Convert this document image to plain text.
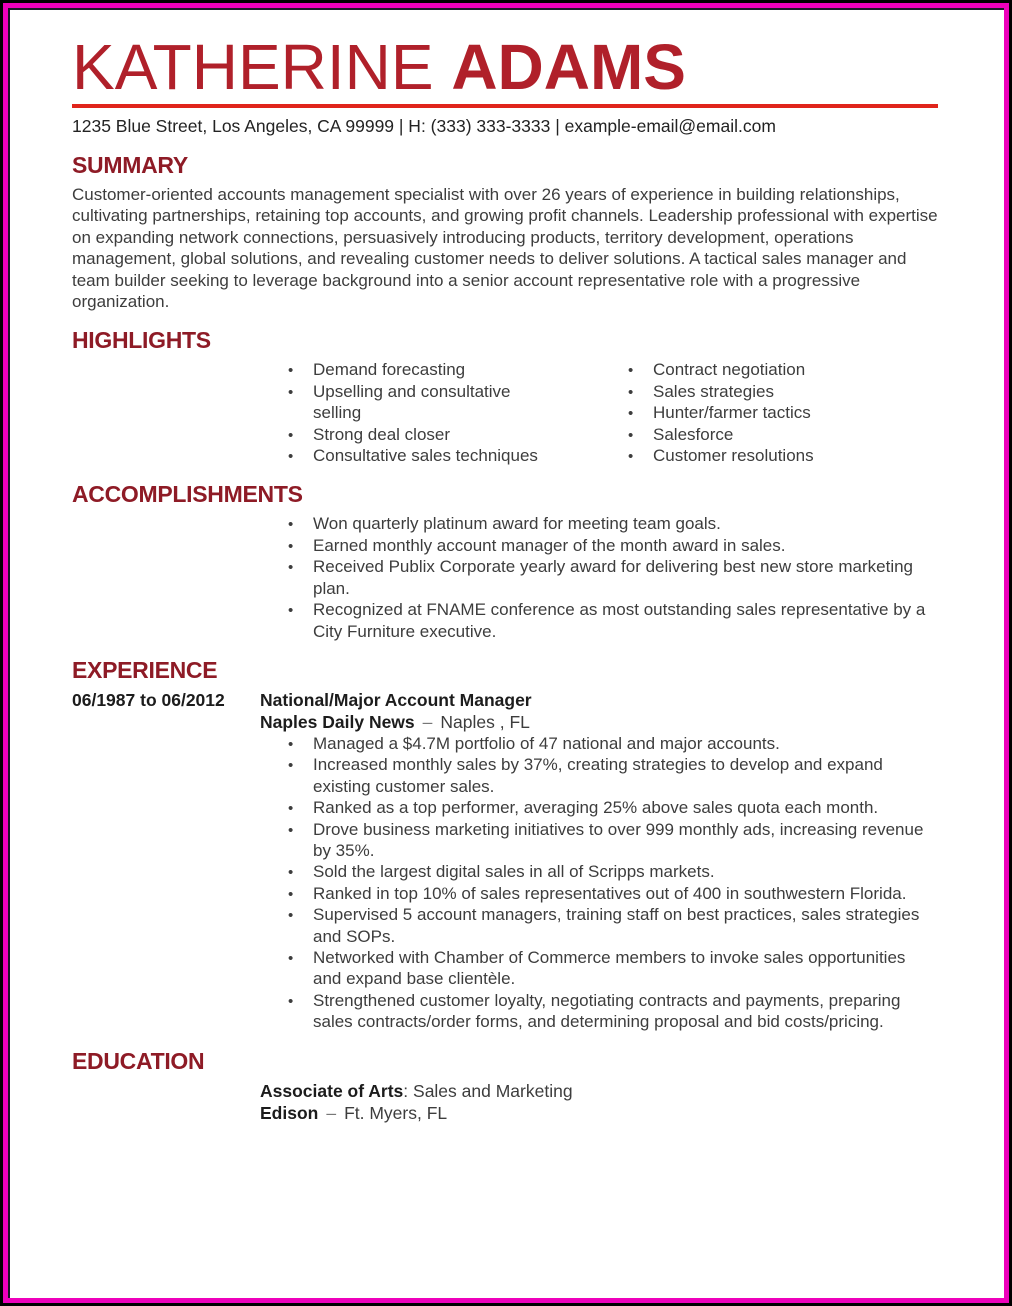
KATHERINE ADAMS
1235 Blue Street, Los Angeles, CA 99999 | H: (333) 333-3333 | example-email@email.com
SUMMARY

Customer-oriented accounts management specialist with over 26 years of experience in building relationships, cultivating partnerships, retaining top accounts, and growing profit channels. Leadership professional with expertise on expanding network connections, persuasively introducing products, territory development, operations management, global solutions, and revealing customer needs to deliver solutions. A tactical sales manager and team builder seeking to leverage background into a senior account representative role with a progressive organization.

HIGHLIGHTS
• Demand forecasting
• Upselling and consultative selling
• Strong deal closer
• Consultative sales techniques
• Contract negotiation
• Sales strategies
• Hunter/farmer tactics
• Salesforce
• Customer resolutions
ACCOMPLISHMENTS
• Won quarterly platinum award for meeting team goals.
• Earned monthly account manager of the month award in sales.
• Received Publix Corporate yearly award for delivering best new store marketing plan.
• Recognized at FNAME conference as most outstanding sales representative by a City Furniture executive.
EXPERIENCE
06/1987 to 06/2012	National/Major Account Manager
Naples Daily News – Naples , FL
• Managed a $4.7M portfolio of 47 national and major accounts.
• Increased monthly sales by 37%, creating strategies to develop and expand existing customer sales.
• Ranked as a top performer, averaging 25% above sales quota each month.
• Drove business marketing initiatives to over 999 monthly ads, increasing revenue by 35%.
• Sold the largest digital sales in all of Scripps markets.
• Ranked in top 10% of sales representatives out of 400 in southwestern Florida.
• Supervised 5 account managers, training staff on best practices, sales strategies and SOPs.
• Networked with Chamber of Commerce members to invoke sales opportunities and expand base clientèle.
• Strengthened customer loyalty, negotiating contracts and payments, preparing sales contracts/order forms, and determining proposal and bid costs/pricing.
EDUCATION
Associate of Arts: Sales and Marketing
Edison – Ft. Myers, FL
